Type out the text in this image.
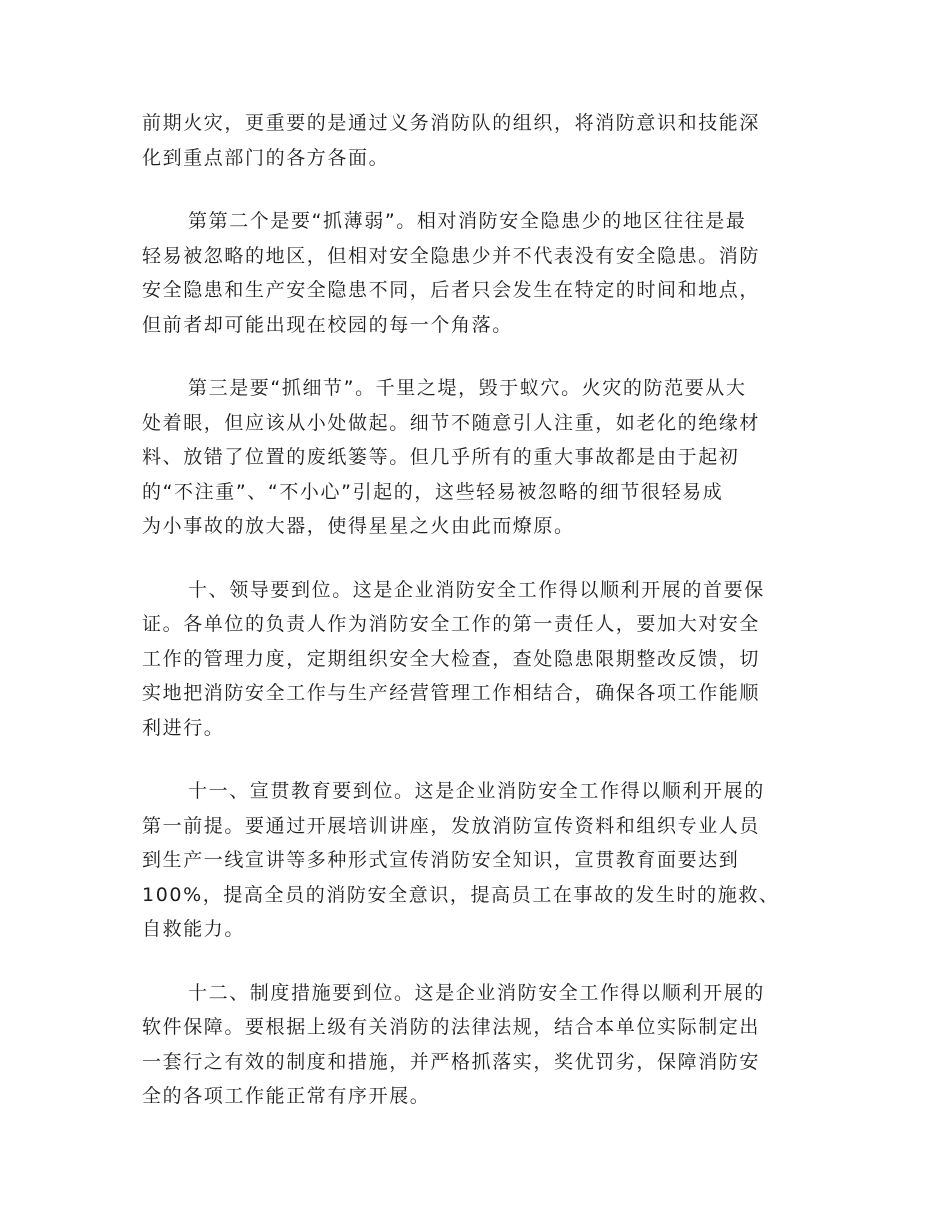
前期火灾，更重要的是通过义务消防队的组织，将消防意识和技能深
化到重点部门的各方各面。

第第二个是要“抓薄弱”。相对消防安全隐患少的地区往往是最
轻易被忽略的地区，但相对安全隐患少并不代表没有安全隐患。消防
安全隐患和生产安全隐患不同，后者只会发生在特定的时间和地点，
但前者却可能出现在校园的每一个角落。

第三是要“抓细节”。千里之堤，毁于蚁穴。火灾的防范要从大
处着眼，但应该从小处做起。细节不随意引人注重，如老化的绝缘材
料、放错了位置的废纸篓等。但几乎所有的重大事故都是由于起初
的“不注重”、“不小心”引起的，这些轻易被忽略的细节很轻易成
为小事故的放大器，使得星星之火由此而燎原。

十、领导要到位。这是企业消防安全工作得以顺利开展的首要保
证。各单位的负责人作为消防安全工作的第一责任人，要加大对安全
工作的管理力度，定期组织安全大检查，查处隐患限期整改反馈，切
实地把消防安全工作与生产经营管理工作相结合，确保各项工作能顺
利进行。

十一、宣贯教育要到位。这是企业消防安全工作得以顺利开展的
第一前提。要通过开展培训讲座，发放消防宣传资料和组织专业人员
到生产一线宣讲等多种形式宣传消防安全知识，宣贯教育面要达到
100%，提高全员的消防安全意识，提高员工在事故的发生时的施救、
自救能力。

十二、制度措施要到位。这是企业消防安全工作得以顺利开展的
软件保障。要根据上级有关消防的法律法规，结合本单位实际制定出
一套行之有效的制度和措施，并严格抓落实，奖优罚劣，保障消防安
全的各项工作能正常有序开展。
